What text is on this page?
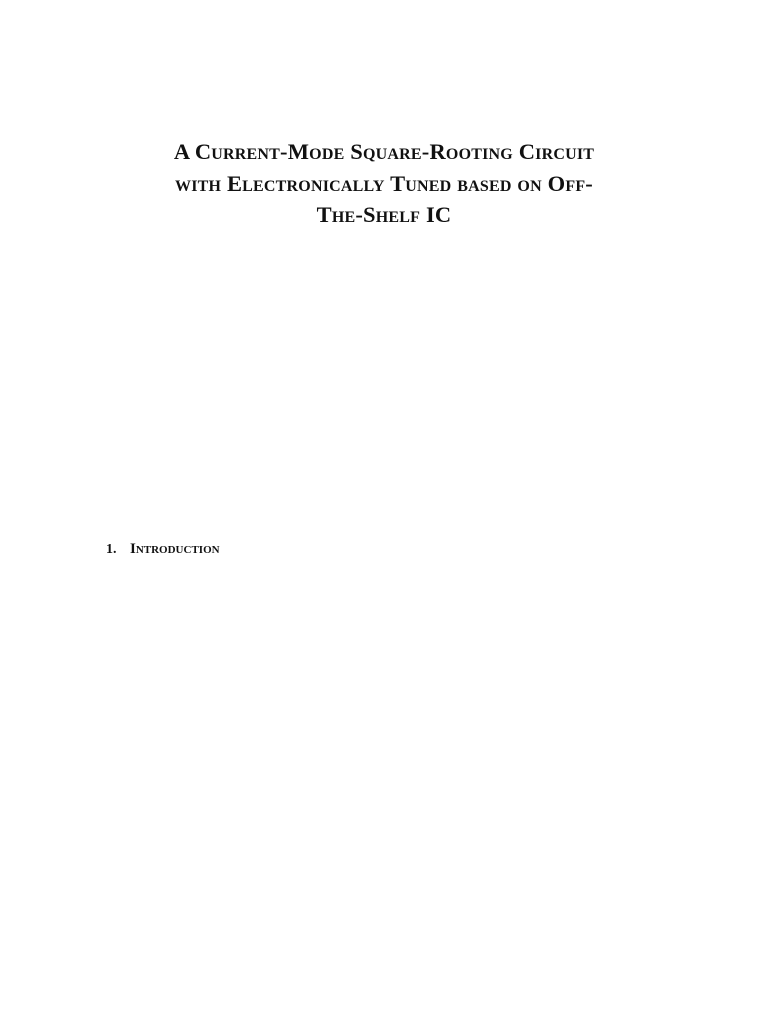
A Current-Mode Square-Rooting Circuit
with Electronically Tuned based on Off-
The-Shelf IC
1. Introduction
